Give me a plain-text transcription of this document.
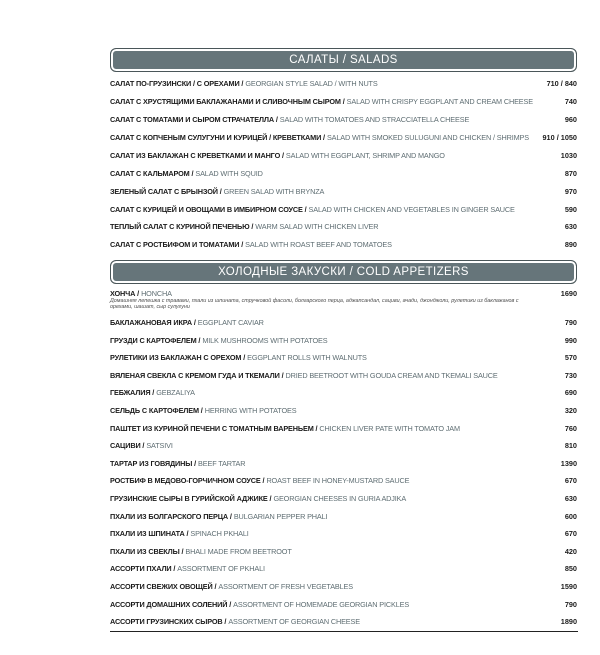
САЛАТЫ / SALADS
САЛАТ ПО-ГРУЗИНСКИ / С ОРЕХАМИ / GEORGIAN STYLE SALAD / WITH NUTS	710 / 840
САЛАТ С ХРУСТЯЩИМИ БАКЛАЖАНАМИ И СЛИВОЧНЫМ СЫРОМ / SALAD WITH CRISPY EGGPLANT AND CREAM CHEESE	740
САЛАТ С ТОМАТАМИ И СЫРОМ СТРАЧАТЕЛЛА / SALAD WITH TOMATOES AND STRACCIATELLA CHEESE	960
САЛАТ С КОПЧЕНЫМ СУЛУГУНИ И КУРИЦЕЙ / КРЕВЕТКАМИ / SALAD WITH SMOKED SULUGUNI AND CHICKEN / SHRIMPS 910 / 1050
САЛАТ ИЗ БАКЛАЖАН С КРЕВЕТКАМИ И МАНГО / SALAD WITH EGGPLANT, SHRIMP AND MANGO	1030
САЛАТ С КАЛЬМАРОМ / SALAD WITH SQUID	870
ЗЕЛЕНЫЙ САЛАТ С БРЫНЗОЙ / GREEN SALAD WITH BRYNZA	970
САЛАТ С КУРИЦЕЙ И ОВОЩАМИ В ИМБИРНОМ СОУСЕ / SALAD WITH CHICKEN AND VEGETABLES IN GINGER SAUCE	590
ТЕПЛЫЙ САЛАТ С КУРИНОЙ ПЕЧЕНЬЮ / WARM SALAD WITH CHICKEN LIVER	630
САЛАТ С РОСТБИФОМ И ТОМАТАМИ / SALAD WITH ROAST BEEF AND TOMATOES	890
ХОЛОДНЫЕ ЗАКУСКИ / COLD APPETIZERS
ХОНЧА / HONCHA	1690
Домашняя лепешка с травами, пхали из шпината, стручковой фасоли, болгарского перца, аджапсандал, сациви, ачади, джонджоли, рулетики из баклажанов с орехами, шашат, сыр сулугуни
БАКЛАЖАНОВАЯ ИКРА / EGGPLANT CAVIAR	790
ГРУЗДИ С КАРТОФЕЛЕМ / MILK MUSHROOMS WITH POTATOES	990
РУЛЕТИКИ ИЗ БАКЛАЖАН С ОРЕХОМ / EGGPLANT ROLLS WITH WALNUTS	570
ВЯЛЕНАЯ СВЕКЛА С КРЕМОМ ГУДА И ТКЕМАЛИ / DRIED BEETROOT WITH GOUDA CREAM AND TKEMALI SAUCE	730
ГЕБЖАЛИЯ / GEBZALIYA	690
СЕЛЬДЬ С КАРТОФЕЛЕМ / HERRING WITH POTATOES	320
ПАШТЕТ ИЗ КУРИНОЙ ПЕЧЕНИ С ТОМАТНЫМ ВАРЕНЬЕМ / CHICKEN LIVER PATE WITH TOMATO JAM	760
САЦИВИ / SATSIVI	810
ТАРТАР ИЗ ГОВЯДИНЫ / BEEF TARTAR	1390
РОСТБИФ В МЕДОВО-ГОРЧИЧНОМ СОУСЕ / ROAST BEEF IN HONEY-MUSTARD SAUCE	670
ГРУЗИНСКИЕ СЫРЫ В ГУРИЙСКОЙ АДЖИКЕ / GEORGIAN CHEESES IN GURIA ADJIKA	630
ПХАЛИ ИЗ БОЛГАРСКОГО ПЕРЦА / BULGARIAN PEPPER PHALI	600
ПХАЛИ ИЗ ШПИНАТА / SPINACH PKHALI	670
ПХАЛИ ИЗ СВЕКЛЫ / BHALI MADE FROM BEETROOT	420
АССОРТИ ПХАЛИ / ASSORTMENT OF PKHALI	850
АССОРТИ СВЕЖИХ ОВОЩЕЙ / ASSORTMENT OF FRESH VEGETABLES	1590
АССОРТИ ДОМАШНИХ СОЛЕНИЙ / ASSORTMENT OF HOMEMADE GEORGIAN PICKLES	790
АССОРТИ ГРУЗИНСКИХ СЫРОВ / ASSORTMENT OF GEORGIAN CHEESE	1890
